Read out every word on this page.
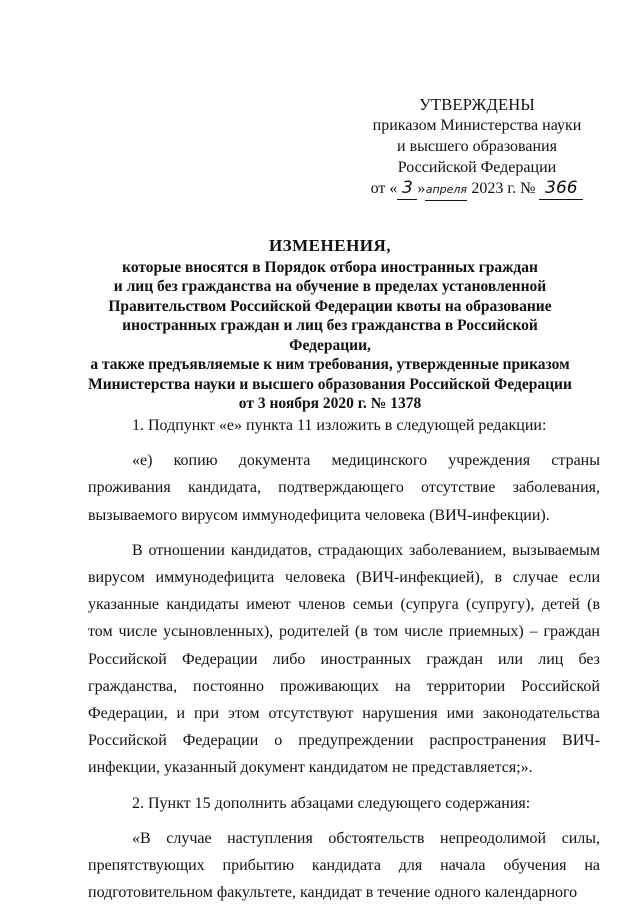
УТВЕРЖДЕНЫ
приказом Министерства науки
и высшего образования
Российской Федерации
от « 3 »апреля 2023 г. № 366
ИЗМЕНЕНИЯ,
которые вносятся в Порядок отбора иностранных граждан
и лиц без гражданства на обучение в пределах установленной
Правительством Российской Федерации квоты на образование
иностранных граждан и лиц без гражданства в Российской Федерации,
а также предъявляемые к ним требования, утвержденные приказом
Министерства науки и высшего образования Российской Федерации
от 3 ноября 2020 г. № 1378

1. Подпункт «е» пункта 11 изложить в следующей редакции:

«е) копию документа медицинского учреждения страны проживания кандидата, подтверждающего отсутствие заболевания, вызываемого вирусом иммунодефицита человека (ВИЧ-инфекции).

В отношении кандидатов, страдающих заболеванием, вызываемым вирусом иммунодефицита человека (ВИЧ-инфекцией), в случае если указанные кандидаты имеют членов семьи (супруга (супругу), детей (в том числе усыновленных), родителей (в том числе приемных) – граждан Российской Федерации либо иностранных граждан или лиц без гражданства, постоянно проживающих на территории Российской Федерации, и при этом отсутствуют нарушения ими законодательства Российской Федерации о предупреждении распространения ВИЧ-инфекции, указанный документ кандидатом не представляется;».

2. Пункт 15 дополнить абзацами следующего содержания:

«В случае наступления обстоятельств непреодолимой силы, препятствующих прибытию кандидата для начала обучения на подготовительном факультете, кандидат в течение одного календарного
